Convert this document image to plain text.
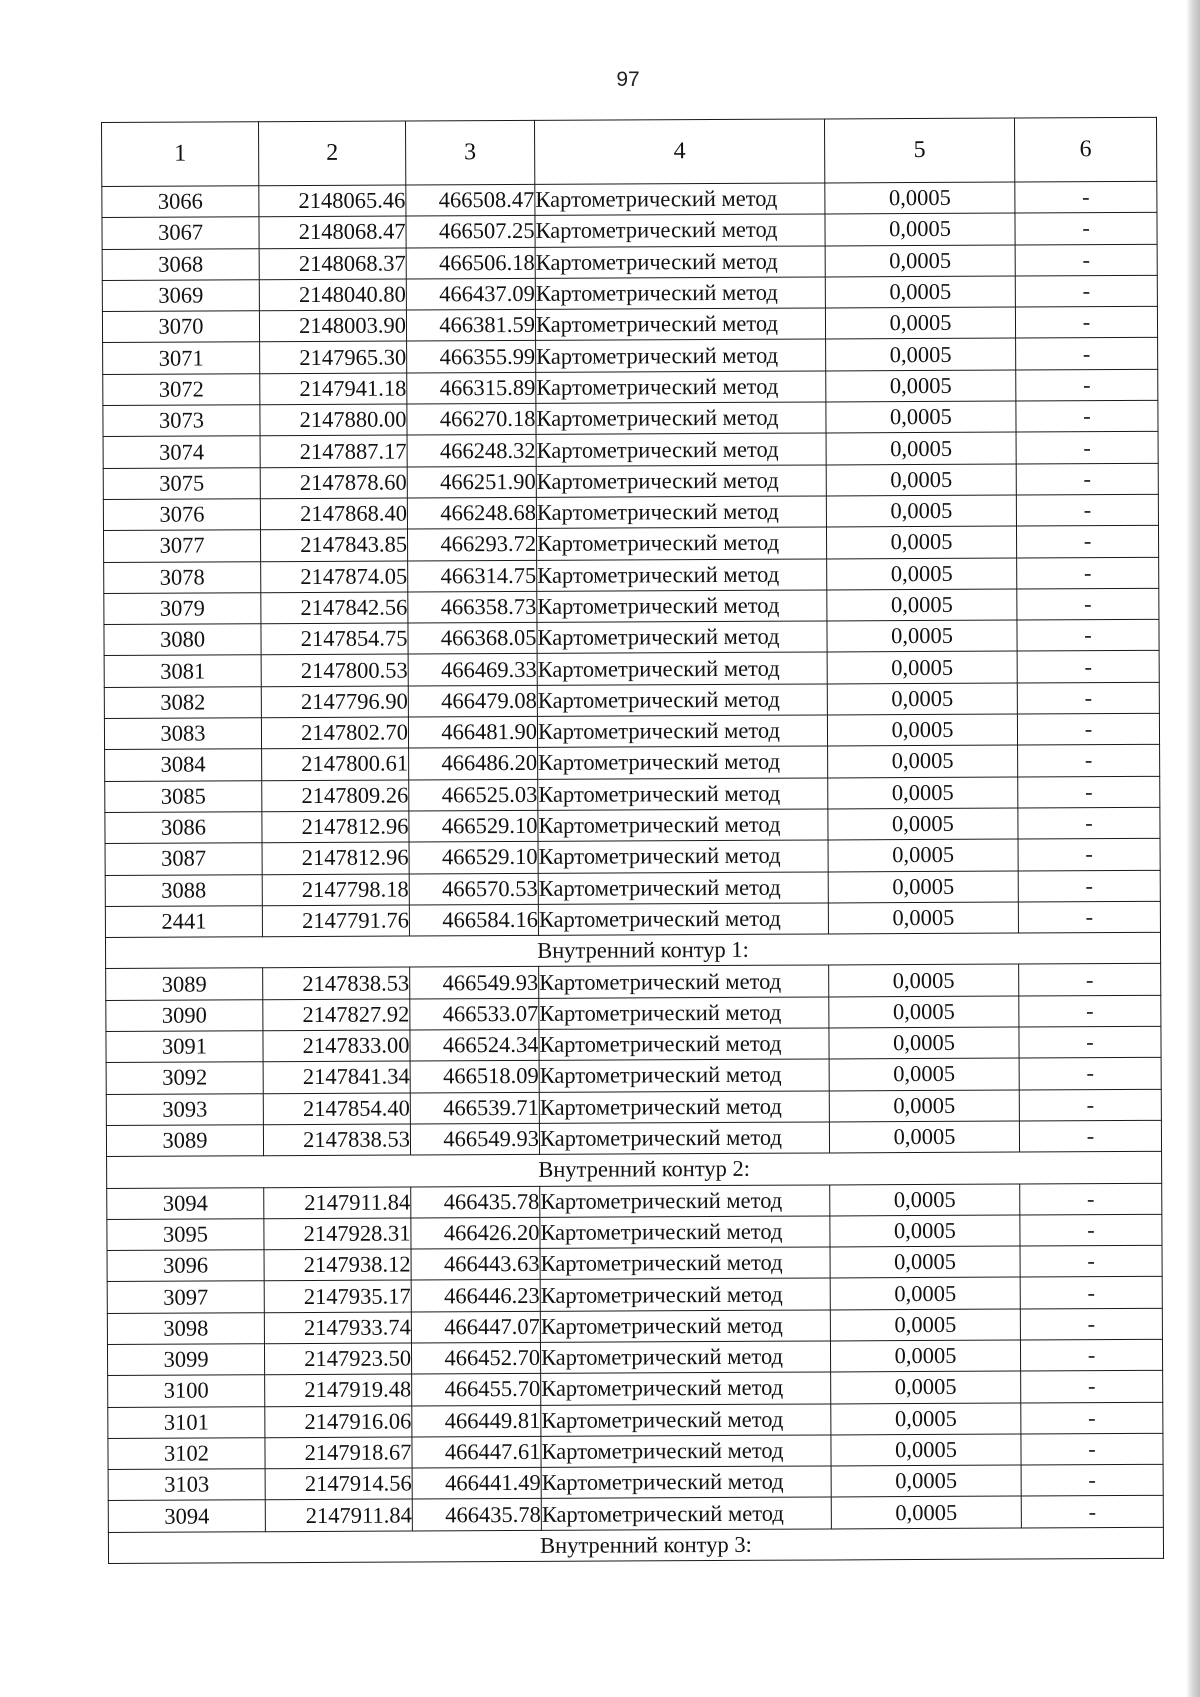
97
1	2	3	4	5	6
3066	2148065.46	466508.47	Картометрический метод	0,0005	-
3067	2148068.47	466507.25	Картометрический метод	0,0005	-
3068	2148068.37	466506.18	Картометрический метод	0,0005	-
3069	2148040.80	466437.09	Картометрический метод	0,0005	-
3070	2148003.90	466381.59	Картометрический метод	0,0005	-
3071	2147965.30	466355.99	Картометрический метод	0,0005	-
3072	2147941.18	466315.89	Картометрический метод	0,0005	-
3073	2147880.00	466270.18	Картометрический метод	0,0005	-
3074	2147887.17	466248.32	Картометрический метод	0,0005	-
3075	2147878.60	466251.90	Картометрический метод	0,0005	-
3076	2147868.40	466248.68	Картометрический метод	0,0005	-
3077	2147843.85	466293.72	Картометрический метод	0,0005	-
3078	2147874.05	466314.75	Картометрический метод	0,0005	-
3079	2147842.56	466358.73	Картометрический метод	0,0005	-
3080	2147854.75	466368.05	Картометрический метод	0,0005	-
3081	2147800.53	466469.33	Картометрический метод	0,0005	-
3082	2147796.90	466479.08	Картометрический метод	0,0005	-
3083	2147802.70	466481.90	Картометрический метод	0,0005	-
3084	2147800.61	466486.20	Картометрический метод	0,0005	-
3085	2147809.26	466525.03	Картометрический метод	0,0005	-
3086	2147812.96	466529.10	Картометрический метод	0,0005	-
3087	2147812.96	466529.10	Картометрический метод	0,0005	-
3088	2147798.18	466570.53	Картометрический метод	0,0005	-
2441	2147791.76	466584.16	Картометрический метод	0,0005	-
Внутренний контур 1:					
3089	2147838.53	466549.93	Картометрический метод	0,0005	-
3090	2147827.92	466533.07	Картометрический метод	0,0005	-
3091	2147833.00	466524.34	Картометрический метод	0,0005	-
3092	2147841.34	466518.09	Картометрический метод	0,0005	-
3093	2147854.40	466539.71	Картометрический метод	0,0005	-
3089	2147838.53	466549.93	Картометрический метод	0,0005	-
Внутренний контур 2:					
3094	2147911.84	466435.78	Картометрический метод	0,0005	-
3095	2147928.31	466426.20	Картометрический метод	0,0005	-
3096	2147938.12	466443.63	Картометрический метод	0,0005	-
3097	2147935.17	466446.23	Картометрический метод	0,0005	-
3098	2147933.74	466447.07	Картометрический метод	0,0005	-
3099	2147923.50	466452.70	Картометрический метод	0,0005	-
3100	2147919.48	466455.70	Картометрический метод	0,0005	-
3101	2147916.06	466449.81	Картометрический метод	0,0005	-
3102	2147918.67	466447.61	Картометрический метод	0,0005	-
3103	2147914.56	466441.49	Картометрический метод	0,0005	-
3094	2147911.84	466435.78	Картометрический метод	0,0005	-
Внутренний контур 3:					
